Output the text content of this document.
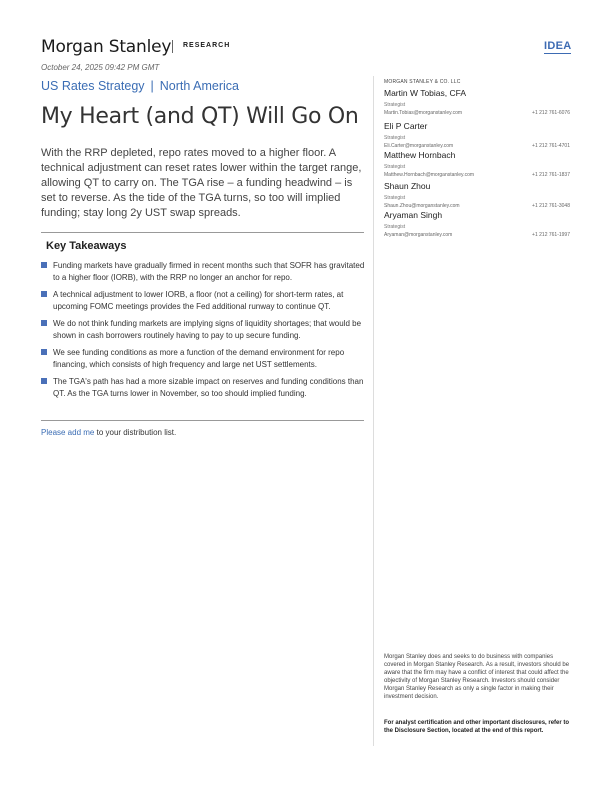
Morgan Stanley RESEARCH	IDEA
October 24, 2025 09:42 PM GMT
US Rates Strategy | North America
My Heart (and QT) Will Go On

With the RRP depleted, repo rates moved to a higher floor. A technical adjustment can reset rates lower within the target range, allowing QT to carry on. The TGA rise – a funding headwind – is set to reverse. As the tide of the TGA turns, so too will implied funding; stay long 2y UST swap spreads.

Key Takeaways
Funding markets have gradually firmed in recent months such that SOFR has gravitated to a higher floor (IORB), with the RRP no longer an anchor for repo.
A technical adjustment to lower IORB, a floor (not a ceiling) for short-term rates, at upcoming FOMC meetings provides the Fed additional runway to continue QT.
We do not think funding markets are implying signs of liquidity shortages; that would be shown in cash borrowers routinely having to pay to up secure funding.
We see funding conditions as more a function of the demand environment for repo financing, which consists of high frequency and large net UST settlements.
The TGA's path has had a more sizable impact on reserves and funding conditions than QT. As the TGA turns lower in November, so too should implied funding.
Please add me to your distribution list.
MORGAN STANLEY & CO. LLC
Martin W Tobias, CFA
Strategist
Martin.Tobias@morganstanley.com	+1 212 761-6076
Eli P Carter
Strategist
Eli.Carter@morganstanley.com	+1 212 761-4701
Matthew Hornbach
Strategist
Matthew.Hornbach@morganstanley.com	+1 212 761-1837
Shaun Zhou
Strategist
Shaun.Zhou@morganstanley.com	+1 212 761-3048
Aryaman Singh
Strategist
Aryaman@morganstanley.com	+1 212 761-1997

Morgan Stanley does and seeks to do business with companies covered in Morgan Stanley Research. As a result, investors should be aware that the firm may have a conflict of interest that could affect the objectivity of Morgan Stanley Research. Investors should consider Morgan Stanley Research as only a single factor in making their investment decision.

For analyst certification and other important disclosures, refer to the Disclosure Section, located at the end of this report.
